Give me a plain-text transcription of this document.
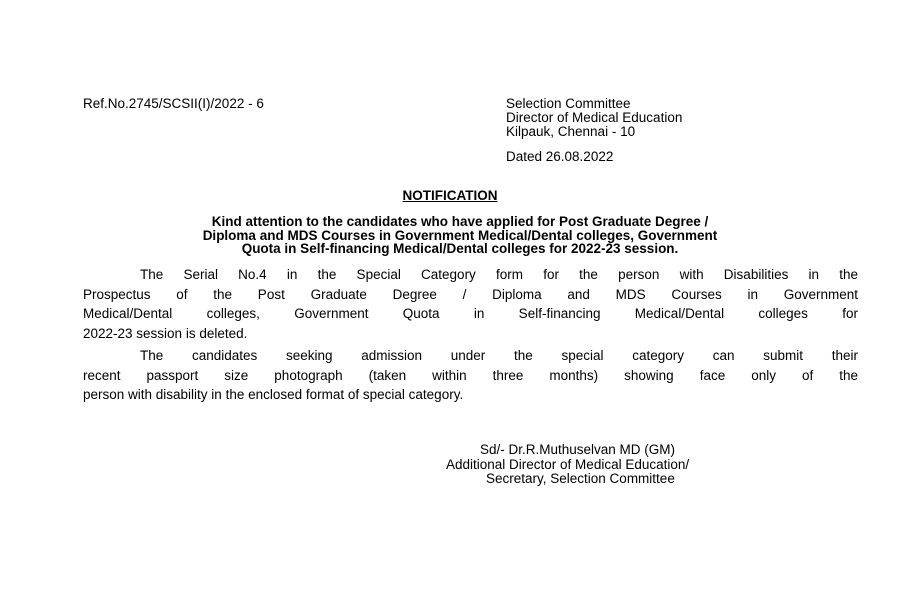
Ref.No.2745/SCSII(I)/2022 - 6	Selection Committee
Director of Medical Education
Kilpauk, Chennai - 10
Dated 26.08.2022
NOTIFICATION
Kind attention to the candidates who have applied for Post Graduate Degree /
Diploma and MDS Courses in Government Medical/Dental colleges, Government
Quota in Self-financing Medical/Dental colleges for 2022-23 session.
The Serial No.4 in the Special Category form for the person with Disabilities in the
Prospectus of the Post Graduate Degree / Diploma and MDS Courses in Government
Medical/Dental colleges, Government Quota in Self-financing Medical/Dental colleges for
2022-23 session is deleted.
The candidates seeking admission under the special category can submit their
recent passport size photograph (taken within three months) showing face only of the
person with disability in the enclosed format of special category.
Sd/- Dr.R.Muthuselvan MD (GM)
Additional Director of Medical Education/
Secretary, Selection Committee
